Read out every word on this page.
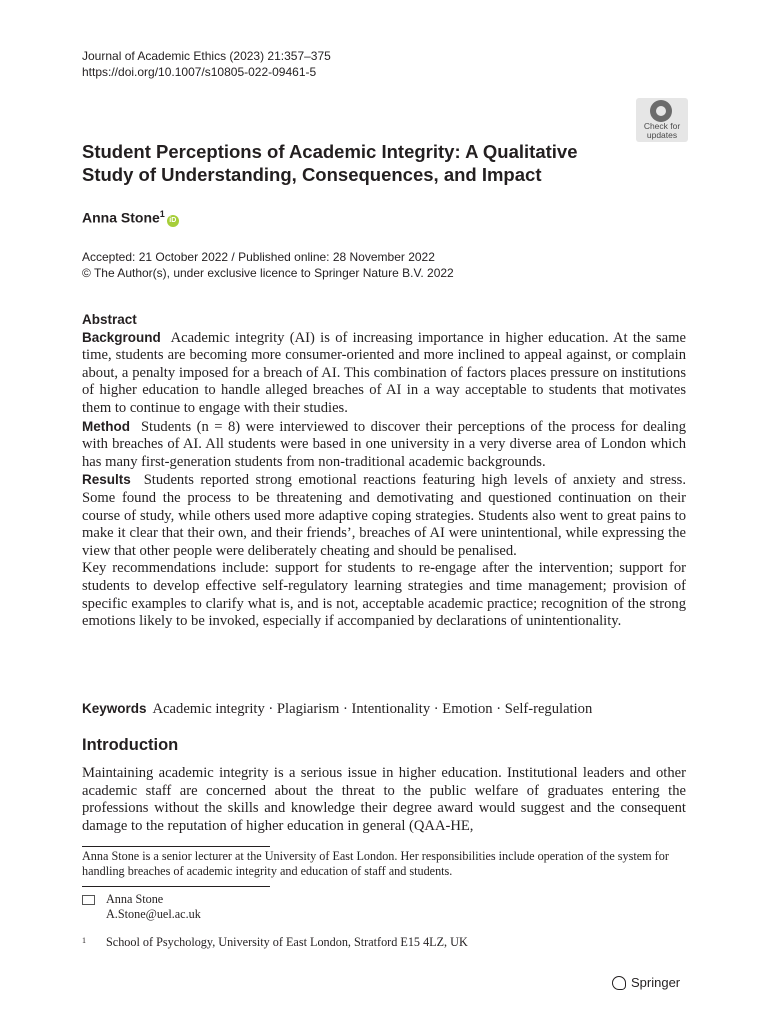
Journal of Academic Ethics (2023) 21:357–375
https://doi.org/10.1007/s10805-022-09461-5
Check for
updates
Student Perceptions of Academic Integrity: A Qualitative
Study of Understanding, Consequences, and Impact
Anna Stone$^1$iD
Accepted: 21 October 2022 / Published online: 28 November 2022
© The Author(s), under exclusive licence to Springer Nature B.V. 2022
Abstract

Background Academic integrity (AI) is of increasing importance in higher education. At the same time, students are becoming more consumer-oriented and more inclined to appeal against, or complain about, a penalty imposed for a breach of AI. This combination of factors places pressure on institutions of higher education to handle alleged breaches of AI in a way acceptable to students that motivates them to continue to engage with their studies.

Method Students (n = 8) were interviewed to discover their perceptions of the process for dealing with breaches of AI. All students were based in one university in a very diverse area of London which has many first-generation students from non-traditional academic backgrounds.

Results Students reported strong emotional reactions featuring high levels of anxiety and stress. Some found the process to be threatening and demotivating and questioned continuation on their course of study, while others used more adaptive coping strategies. Students also went to great pains to make it clear that their own, and their friends’, breaches of AI were unintentional, while expressing the view that other people were deliberately cheating and should be penalised.

Key recommendations include: support for students to re-engage after the intervention; support for students to develop effective self-regulatory learning strategies and time management; provision of specific examples to clarify what is, and is not, acceptable academic practice; recognition of the strong emotions likely to be invoked, especially if accompanied by declarations of unintentionality.

Keywords Academic integrity · Plagiarism · Intentionality · Emotion · Self-regulation
Introduction

Maintaining academic integrity is a serious issue in higher education. Institutional leaders and other academic staff are concerned about the threat to the public welfare of graduates entering the professions without the skills and knowledge their degree award would suggest and the consequent damage to the reputation of higher education in general (QAA-HE,

Anna Stone is a senior lecturer at the University of East London. Her responsibilities include operation of the system for handling breaches of academic integrity and education of staff and students.
Anna Stone
A.Stone@uel.ac.uk
1 School of Psychology, University of East London, Stratford E15 4LZ, UK
Springer
